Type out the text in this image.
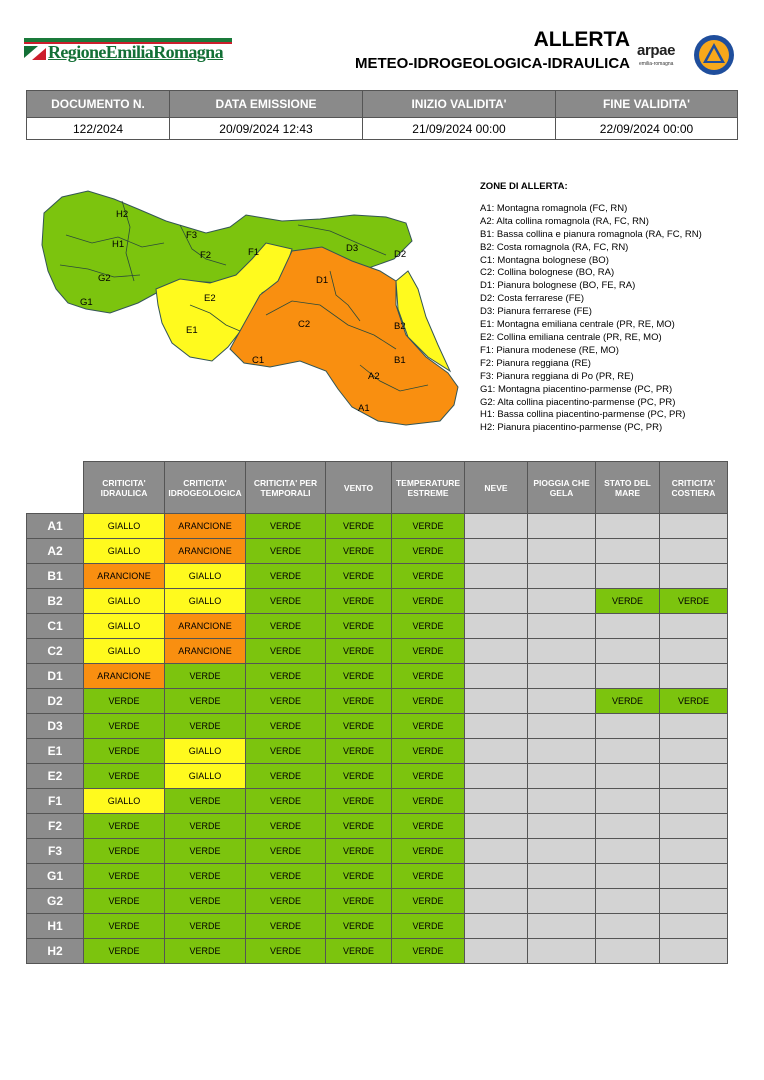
RegioneEmiliaRomagna
ALLERTA
METEO-IDROGEOLOGICA-IDRAULICA
arpae
emilia-romagna
DOCUMENTO N.	DATA EMISSIONE	INIZIO VALIDITA'	FINE VALIDITA'
122/2024	20/09/2024 12:43	21/09/2024 00:00	22/09/2024 00:00
H2
H1
G2
G1
F3
F2	F1
E2
E1
D3
D2
D1
C2
C1
B2
B1
A2
A1
ZONE DI ALLERTA:
A1: Montagna romagnola (FC, RN)
A2: Alta collina romagnola (RA, FC, RN)
B1: Bassa collina e pianura romagnola (RA, FC, RN)
B2: Costa romagnola (RA, FC, RN)
C1: Montagna bolognese (BO)
C2: Collina bolognese (BO, RA)
D1: Pianura bolognese (BO, FE, RA)
D2: Costa ferrarese (FE)
D3: Pianura ferrarese (FE)
E1: Montagna emiliana centrale (PR, RE, MO)
E2: Collina emiliana centrale (PR, RE, MO)
F1: Pianura modenese (RE, MO)
F2: Pianura reggiana (RE)
F3: Pianura reggiana di Po (PR, RE)
G1: Montagna piacentino-parmense (PC, PR)
G2: Alta collina piacentino-parmense (PC, PR)
H1: Bassa collina piacentino-parmense (PC, PR)
H2: Pianura piacentino-parmense (PC, PR)
	CRITICITA' IDRAULICA	CRITICITA' IDROGEOLOGICA	CRITICITA' PER TEMPORALI	VENTO	TEMPERATURE ESTREME	NEVE	PIOGGIA CHE GELA	STATO DEL MARE	CRITICITA' COSTIERA
A1	GIALLO	ARANCIONE	VERDE	VERDE	VERDE				
A2	GIALLO	ARANCIONE	VERDE	VERDE	VERDE				
B1	ARANCIONE	GIALLO	VERDE	VERDE	VERDE				
B2	GIALLO	GIALLO	VERDE	VERDE	VERDE			VERDE	VERDE
C1	GIALLO	ARANCIONE	VERDE	VERDE	VERDE				
C2	GIALLO	ARANCIONE	VERDE	VERDE	VERDE				
D1	ARANCIONE	VERDE	VERDE	VERDE	VERDE				
D2	VERDE	VERDE	VERDE	VERDE	VERDE			VERDE	VERDE
D3	VERDE	VERDE	VERDE	VERDE	VERDE				
E1	VERDE	GIALLO	VERDE	VERDE	VERDE				
E2	VERDE	GIALLO	VERDE	VERDE	VERDE				
F1	GIALLO	VERDE	VERDE	VERDE	VERDE				
F2	VERDE	VERDE	VERDE	VERDE	VERDE				
F3	VERDE	VERDE	VERDE	VERDE	VERDE				
G1	VERDE	VERDE	VERDE	VERDE	VERDE				
G2	VERDE	VERDE	VERDE	VERDE	VERDE				
H1	VERDE	VERDE	VERDE	VERDE	VERDE				
H2	VERDE	VERDE	VERDE	VERDE	VERDE				
